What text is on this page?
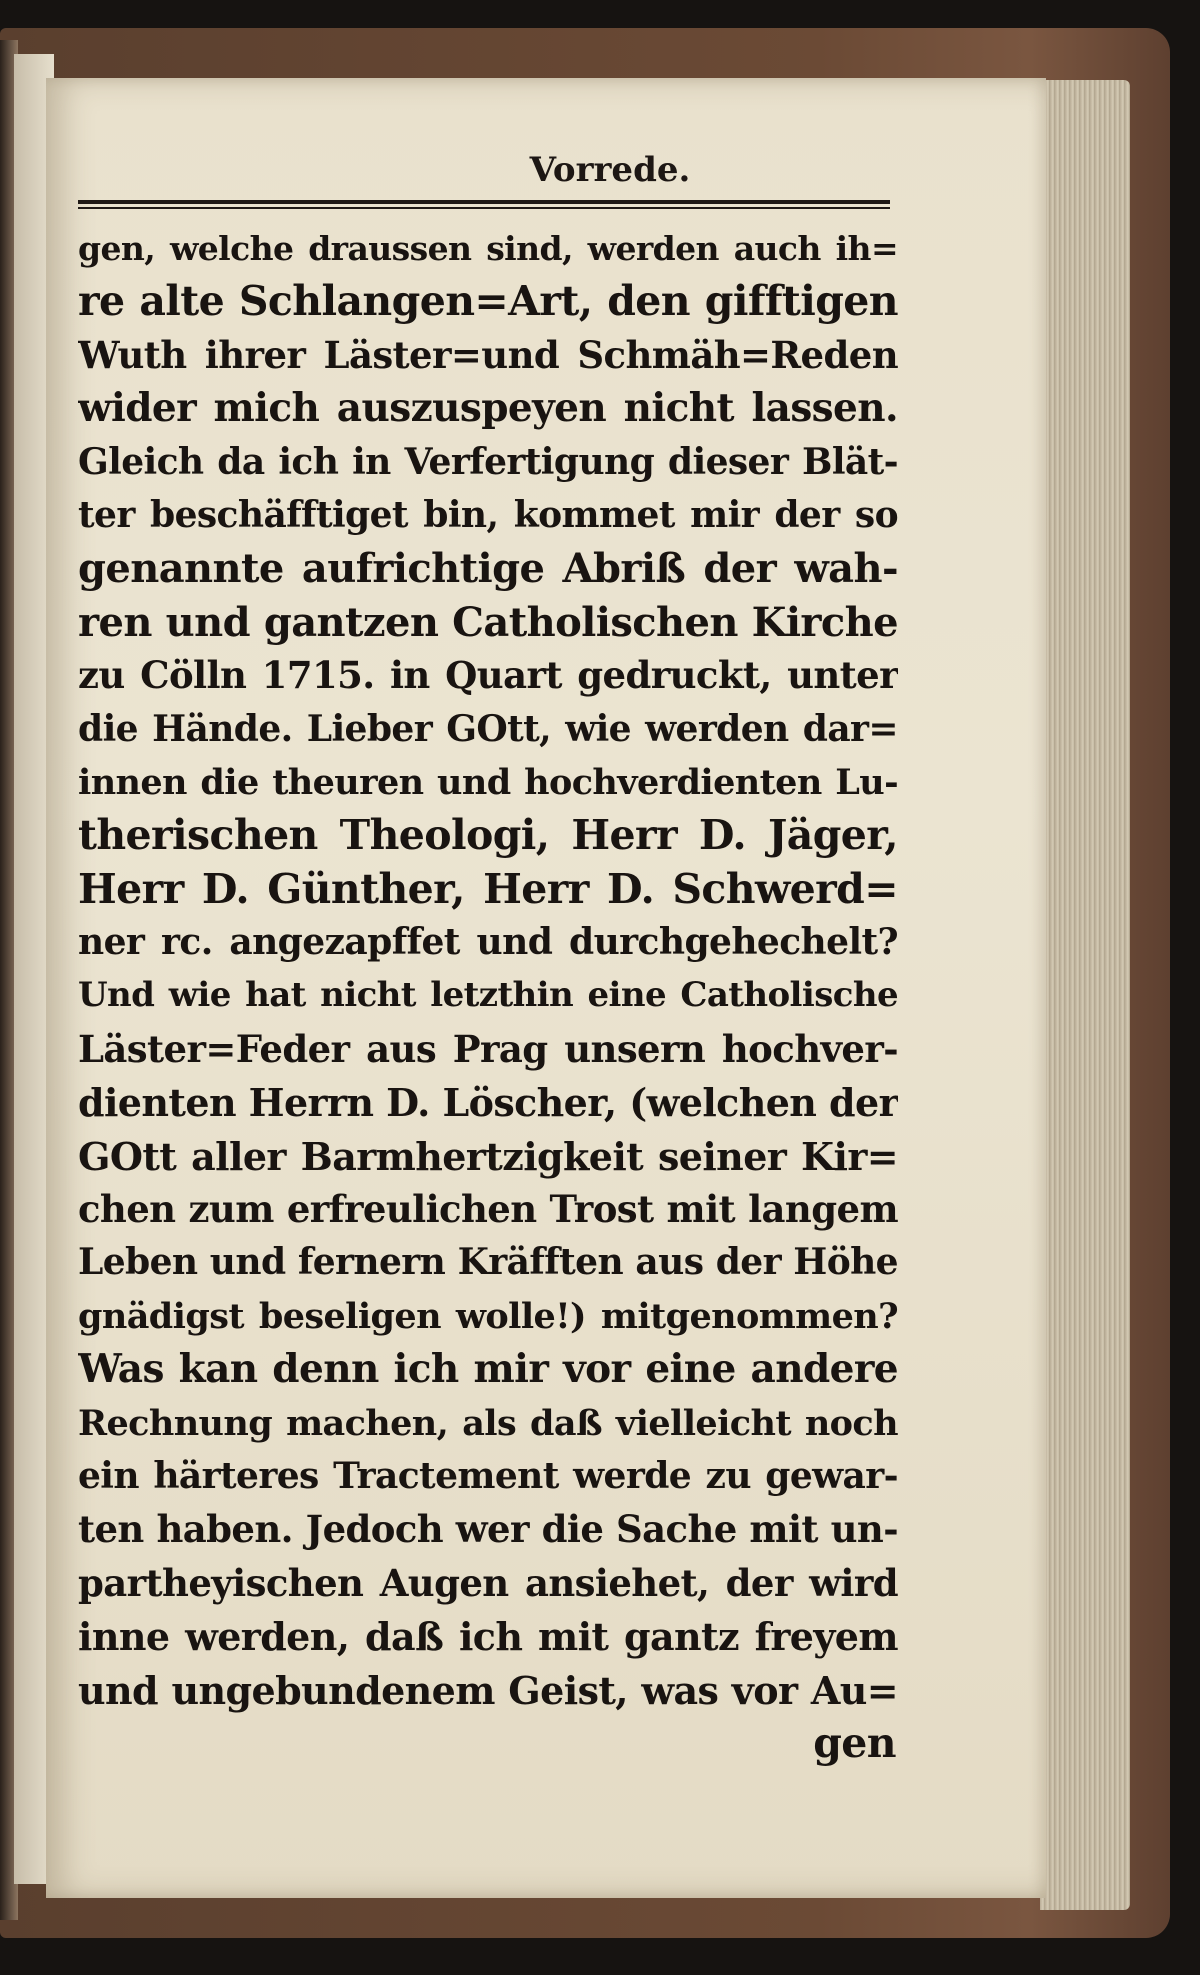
Vorrede.
gen, welche draussen sind, werden auch ih=
re alte Schlangen=Art, den gifftigen
Wuth ihrer Läster=und Schmäh=Reden
wider mich auszuspeyen nicht lassen.
Gleich da ich in Verfertigung dieser Blät-
ter beschäfftiget bin, kommet mir der so
genannte aufrichtige Abriß der wah-
ren und gantzen Catholischen Kirche
zu Cölln 1715. in Quart gedruckt, unter
die Hände. Lieber GOtt, wie werden dar=
innen die theuren und hochverdienten Lu-
therischen Theologi, Herr D. Jäger,
Herr D. Günther, Herr D. Schwerd=
ner rc. angezapffet und durchgehechelt?
Und wie hat nicht letzthin eine Catholische
Läster=Feder aus Prag unsern hochver-
dienten Herrn D. Löscher, (welchen der
GOtt aller Barmhertzigkeit seiner Kir=
chen zum erfreulichen Trost mit langem
Leben und fernern Kräfften aus der Höhe
gnädigst beseligen wolle!) mitgenommen?
Was kan denn ich mir vor eine andere
Rechnung machen, als daß vielleicht noch
ein härteres Tractement werde zu gewar-
ten haben. Jedoch wer die Sache mit un-
partheyischen Augen ansiehet, der wird
inne werden, daß ich mit gantz freyem
und ungebundenem Geist, was vor Au=
gen
